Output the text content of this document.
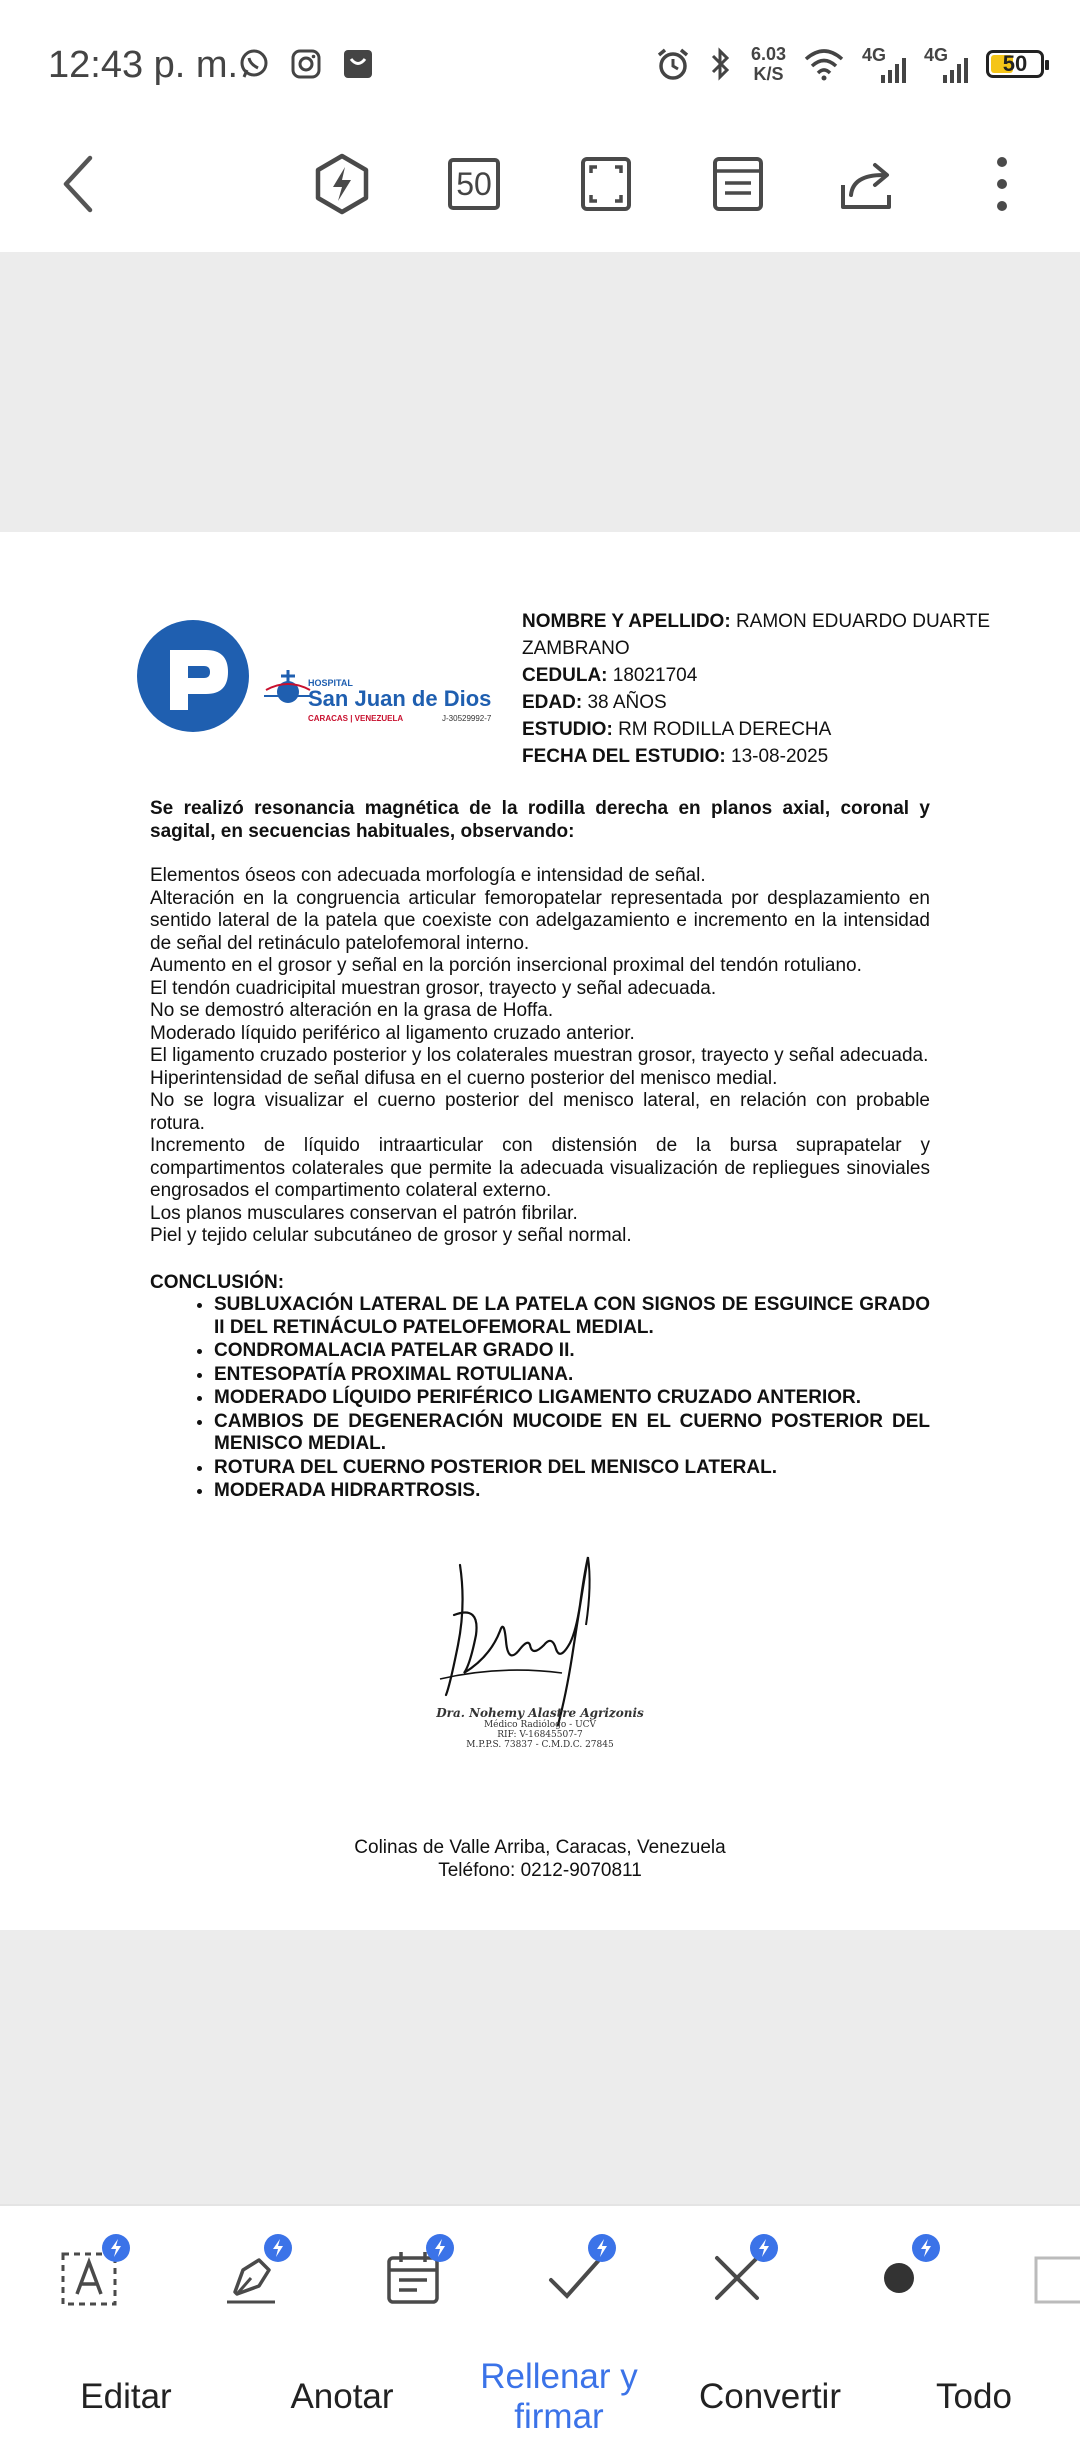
12:43 p. m.	6.03
K/S
4G 4G	50
50
HOSPITAL
San Juan de Dios
CARACAS | VENEZUELA	J-30529992-7
NOMBRE Y APELLIDO: RAMON EDUARDO DUARTE ZAMBRANO
CEDULA: 18021704
EDAD: 38 AÑOS
ESTUDIO: RM RODILLA DERECHA
FECHA DEL ESTUDIO: 13-08-2025
Se realizó resonancia magnética de la rodilla derecha en planos axial, coronal y sagital, en secuencias habituales, observando:

Elementos óseos con adecuada morfología e intensidad de señal.

Alteración en la congruencia articular femoropatelar representada por desplazamiento en sentido lateral de la patela que coexiste con adelgazamiento e incremento en la intensidad de señal del retináculo patelofemoral interno.

Aumento en el grosor y señal en la porción insercional proximal del tendón rotuliano.

El tendón cuadricipital muestran grosor, trayecto y señal adecuada.

No se demostró alteración en la grasa de Hoffa.

Moderado líquido periférico al ligamento cruzado anterior.

El ligamento cruzado posterior y los colaterales muestran grosor, trayecto y señal adecuada.

Hiperintensidad de señal difusa en el cuerno posterior del menisco medial.

No se logra visualizar el cuerno posterior del menisco lateral, en relación con probable rotura.

Incremento de líquido intraarticular con distensión de la bursa suprapatelar y compartimentos colaterales que permite la adecuada visualización de repliegues sinoviales engrosados el compartimento colateral externo.

Los planos musculares conservan el patrón fibrilar.

Piel y tejido celular subcutáneo de grosor y señal normal.

CONCLUSIÓN:
• SUBLUXACIÓN LATERAL DE LA PATELA CON SIGNOS DE ESGUINCE GRADO II DEL RETINÁCULO PATELOFEMORAL MEDIAL.
• CONDROMALACIA PATELAR GRADO II.
• ENTESOPATÍA PROXIMAL ROTULIANA.
• MODERADO LÍQUIDO PERIFÉRICO LIGAMENTO CRUZADO ANTERIOR.
• CAMBIOS DE DEGENERACIÓN MUCOIDE EN EL CUERNO POSTERIOR DEL MENISCO MEDIAL.
• ROTURA DEL CUERNO POSTERIOR DEL MENISCO LATERAL.
• MODERADA HIDRARTROSIS.
Dra. Nohemy Alastre Agrizonis
Médico Radiólogo - UCV
RIF: V-16845507-7
M.P.P.S. 73837 - C.M.D.C. 27845
Colinas de Valle Arriba, Caracas, Venezuela
Teléfono: 0212-9070811
Editar	Anotar
Rellenar y firmar
Convertir	Todo
